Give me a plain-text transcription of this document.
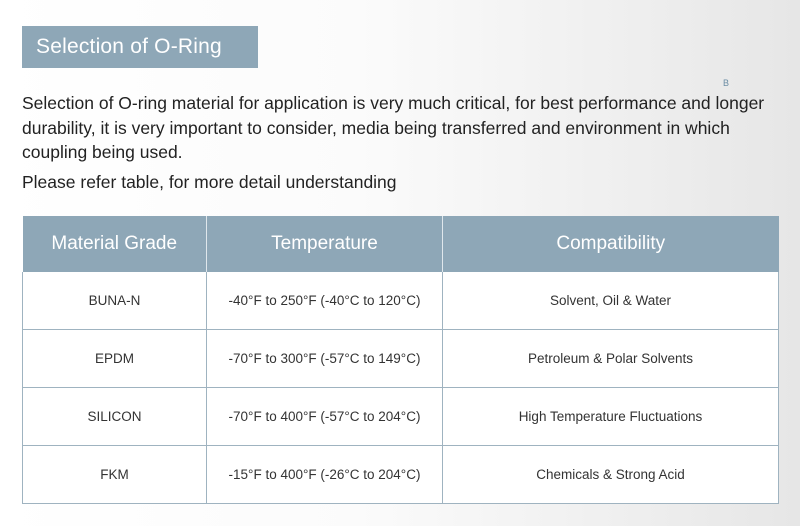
Selection of O-Ring
B

Selection of O-ring material for application is very much critical, for best performance and longer durability, it is very important to consider, media being transferred and environment in which coupling being used.

Please refer table, for more detail understanding

Material Grade	Temperature	Compatibility
BUNA-N	-40°F to 250°F (-40°C to 120°C)	Solvent, Oil & Water
EPDM	-70°F to 300°F (-57°C to 149°C)	Petroleum & Polar Solvents
SILICON	-70°F to 400°F (-57°C to 204°C)	High Temperature Fluctuations
FKM	-15°F to 400°F (-26°C to 204°C)	Chemicals & Strong Acid
